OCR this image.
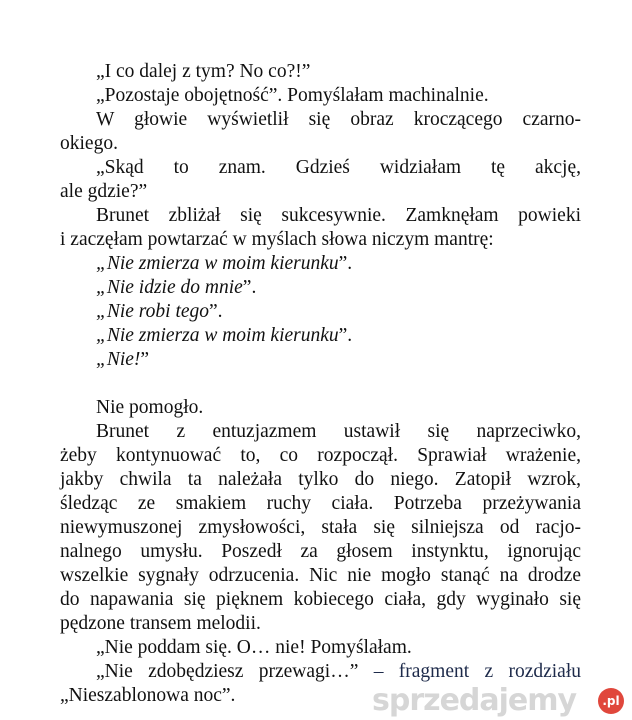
„I co dalej z tym? No co?!”
„Pozostaje obojętność”. Pomyślałam machinalnie.
W głowie wyświetlił się obraz kroczącego czarno-
okiego.
„Skąd to znam. Gdzieś widziałam tę akcję,
ale gdzie?”
Brunet zbliżał się sukcesywnie. Zamknęłam powieki
i zaczęłam powtarzać w myślach słowa niczym mantrę:
„Nie zmierza w moim kierunku”.
„Nie idzie do mnie”.
„Nie robi tego”.
„Nie zmierza w moim kierunku”.
„Nie!”
Nie pomogło.
Brunet z entuzjazmem ustawił się naprzeciwko,
żeby kontynuować to, co rozpoczął. Sprawiał wrażenie,
jakby chwila ta należała tylko do niego. Zatopił wzrok,
śledząc ze smakiem ruchy ciała. Potrzeba przeżywania
niewymuszonej zmysłowości, stała się silniejsza od racjo-
nalnego umysłu. Poszedł za głosem instynktu, ignorując
wszelkie sygnały odrzucenia. Nic nie mogło stanąć na drodze
do napawania się pięknem kobiecego ciała, gdy wyginało się
pędzone transem melodii.
„Nie poddam się. O… nie! Pomyślałam.
„Nie zdobędziesz przewagi…” – fragment z rozdziału
„Nieszablonowa noc”.	sprzedajemy	.pl
